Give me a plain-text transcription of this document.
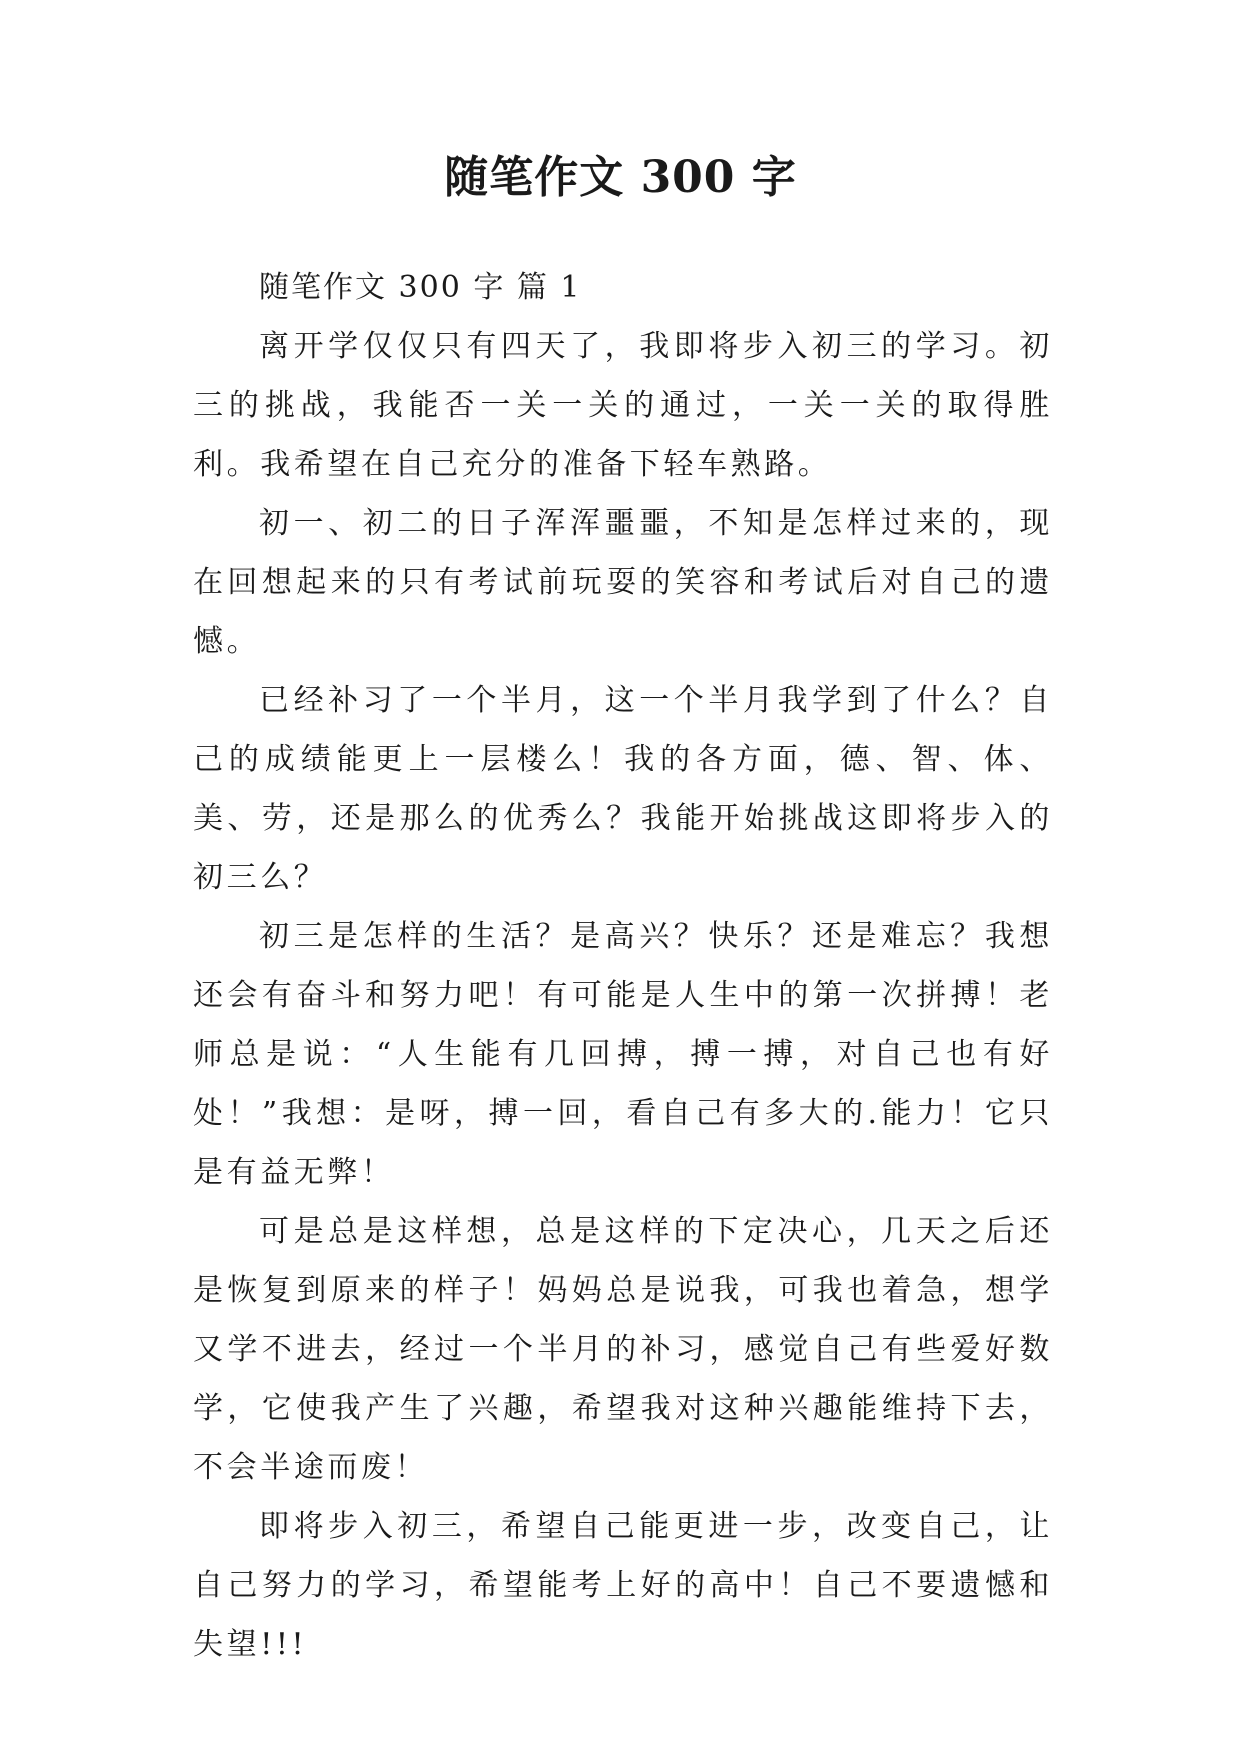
随笔作文 300 字

随笔作文 300 字 篇 1

离开学仅仅只有四天了，我即将步入初三的学习。初三的挑战，我能否一关一关的通过，一关一关的取得胜利。我希望在自己充分的准备下轻车熟路。

初一、初二的日子浑浑噩噩，不知是怎样过来的，现在回想起来的只有考试前玩耍的笑容和考试后对自己的遗憾。

已经补习了一个半月，这一个半月我学到了什么？自己的成绩能更上一层楼么！我的各方面，德、智、体、美、劳，还是那么的优秀么？我能开始挑战这即将步入的初三么？

初三是怎样的生活？是高兴？快乐？还是难忘？我想还会有奋斗和努力吧！有可能是人生中的第一次拼搏！老师总是说：“人生能有几回搏，搏一搏，对自己也有好处！”我想：是呀，搏一回，看自己有多大的.能力！它只是有益无弊！

可是总是这样想，总是这样的下定决心，几天之后还是恢复到原来的样子！妈妈总是说我，可我也着急，想学又学不进去，经过一个半月的补习，感觉自己有些爱好数学，它使我产生了兴趣，希望我对这种兴趣能维持下去，不会半途而废！

即将步入初三，希望自己能更进一步，改变自己，让自己努力的学习，希望能考上好的高中！自己不要遗憾和失望!!!
